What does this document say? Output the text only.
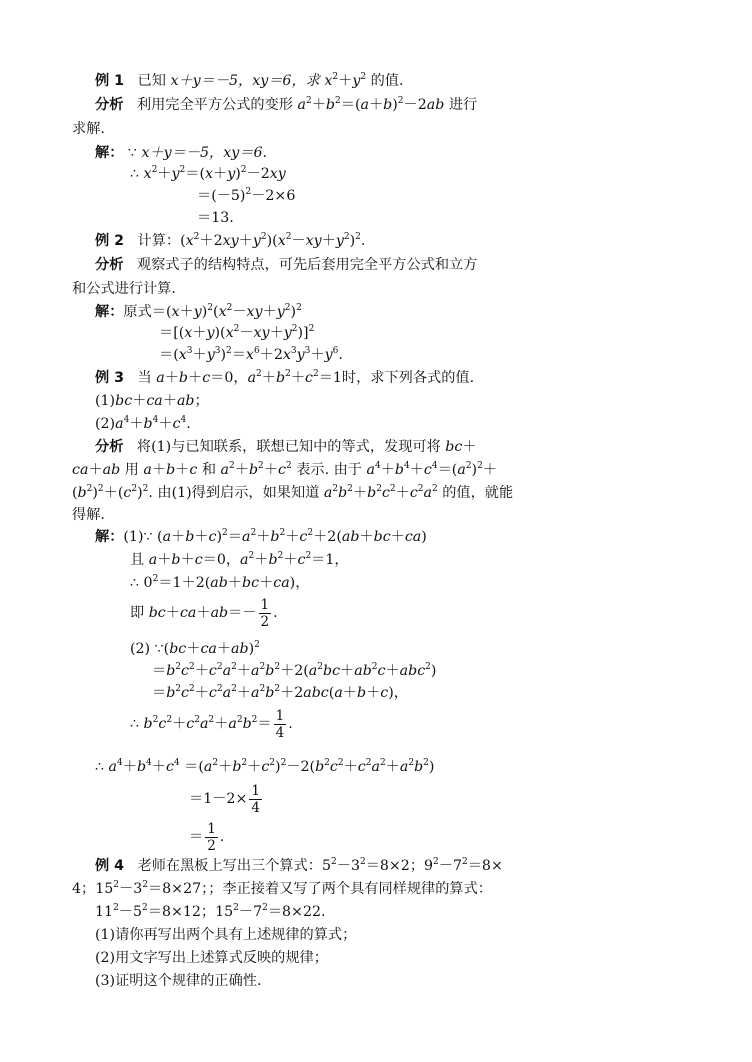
例 1 已知 x＋y＝－5，xy＝6，求 $x^2+y^2$ 的值.
分析 利用完全平方公式的变形 $a^2+b^2=(a+b)^2-2ab$ 进行
求解.
解： ∵ x＋y＝－5，xy＝6.
∴ $x^2+y^2=(x+y)^2-2xy$
$=(-5)^2-2\times 6$
＝13.
例 2 计算：$(x^2+2xy+y^2)(x^2-xy+y^2)^2$.
分析 观察式子的结构特点，可先后套用完全平方公式和立方
和公式进行计算.
解：原式$=(x+y)^2(x^2-xy+y^2)^2$
$=[(x+y)(x^2-xy+y^2)]^2$
$=(x^3+y^3)^2=x^6+2x^3y^3+y^6$.
例 3 当 a＋b＋c＝0，$a^2+b^2+c^2=1$时，求下列各式的值.
(1)bc＋ca＋ab；
$(2)a^4+b^4+c^4$.
分析 将(1)与已知联系，联想已知中的等式，发现可将 bc＋
ca＋ab 用 a＋b＋c 和 $a^2+b^2+c^2$ 表示. 由于 $a^4+b^4+c^4=(a^2)^2+$
$(b^2)^2+(c^2)^2$. 由(1)得到启示，如果知道 $a^2b^2+b^2c^2+c^2a^2$ 的值，就能
得解.
解：(1)∵ $(a+b+c)^2=a^2+b^2+c^2+2(ab+bc+ca)$
且 a＋b＋c＝0，$a^2+b^2+c^2=1$，
∴ $0^2=1+2(ab+bc+ca)$，
即 $bc+ca+ab=- \frac{1}{2}$ .
(2) $\because(bc+ca+ab)^2$
$=b^2c^2+c^2a^2+a^2b^2+2(a^2bc+ab^2c+abc^2)$
$=b^2c^2+c^2a^2+a^2b^2+2abc(a+b+c)$，
∴ $b^2c^2+c^2a^2+a^2b^2= \frac{1}{4}$ .
∴ $a^4+b^4+c^4 =(a^2+b^2+c^2)^2-2(b^2c^2+c^2a^2+a^2b^2)$
$=1-2\times \frac{1}{4}$
＝ $\frac{1}{2}$ .
例 4 老师在黑板上写出三个算式：$5^2-3^2=8\times 2$；$9^2-7^2=8\times$
4；$15^2-3^2=8\times 27$；；李正接着又写了两个具有同样规律的算式：
$11^2-5^2=8\times 12$；$15^2-7^2=8\times 22$.
(1)请你再写出两个具有上述规律的算式；
(2)用文字写出上述算式反映的规律；
(3)证明这个规律的正确性.
